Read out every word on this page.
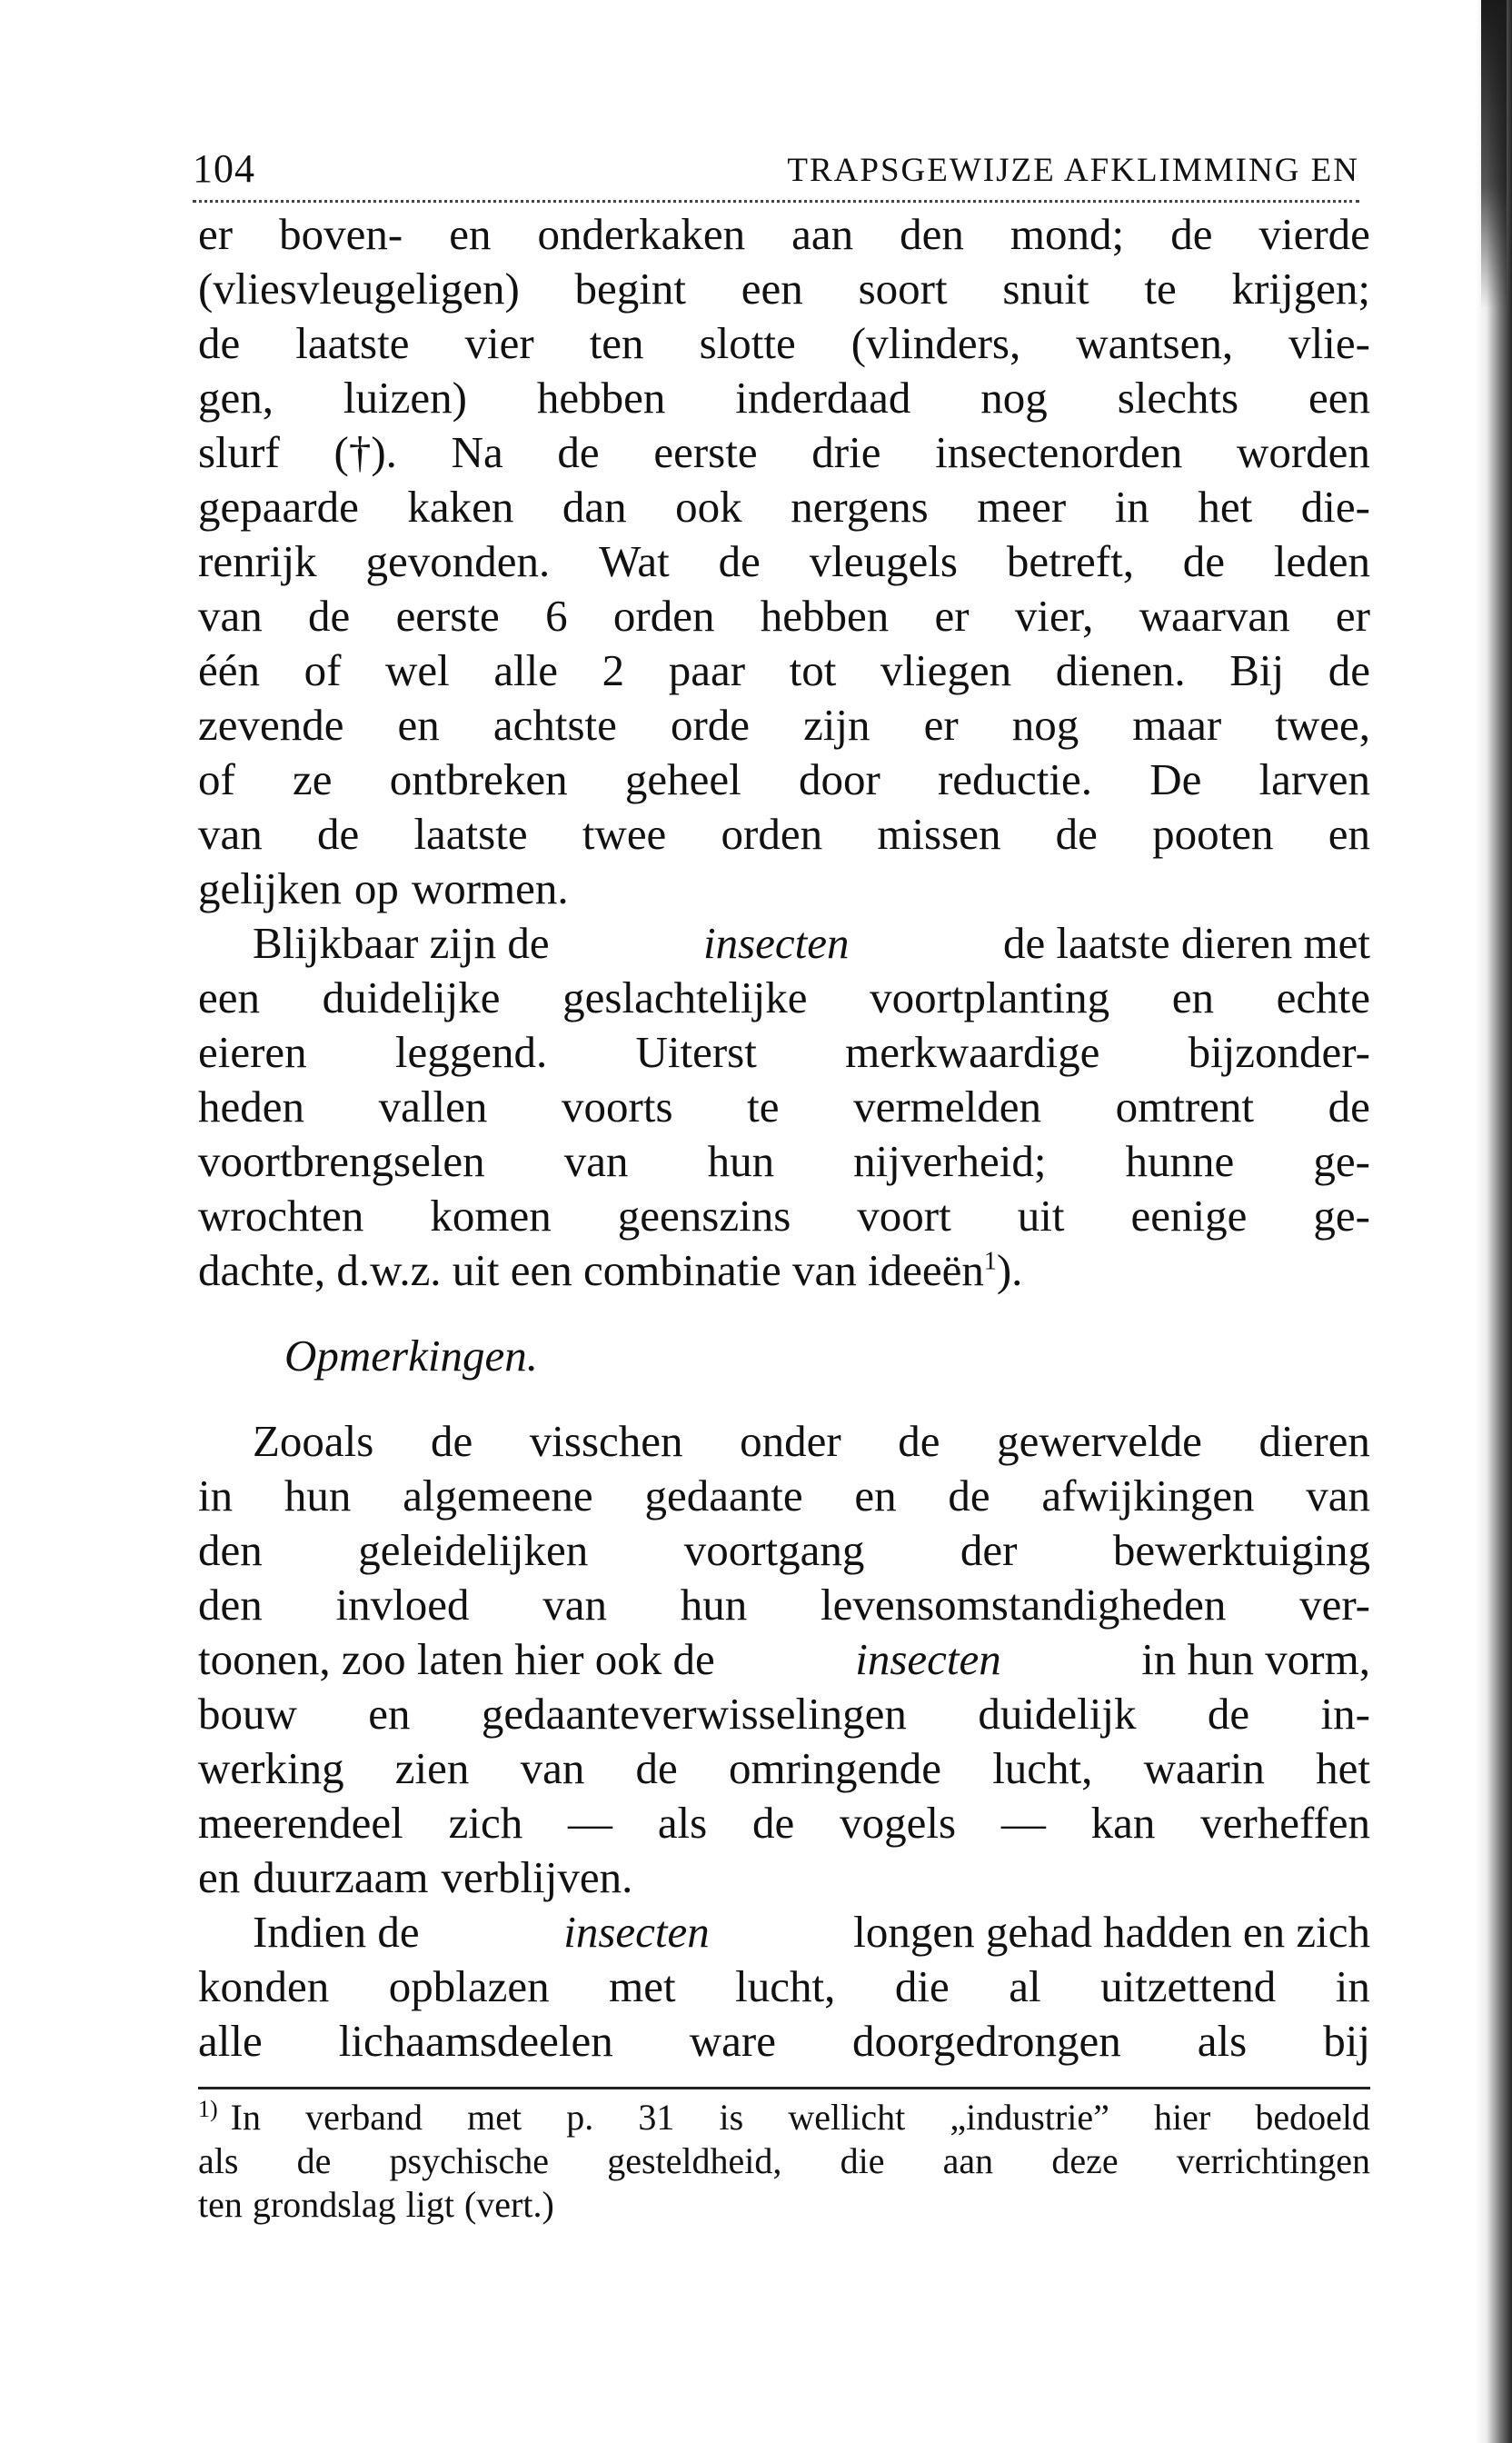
104	TRAPSGEWIJZE AFKLIMMING EN
er boven- en onderkaken aan den mond; de vierde
(vliesvleugeligen) begint een soort snuit te krijgen;
de laatste vier ten slotte (vlinders, wantsen, vlie-
gen, luizen) hebben inderdaad nog slechts een
slurf (†). Na de eerste drie insectenorden worden
gepaarde kaken dan ook nergens meer in het die-
renrijk gevonden. Wat de vleugels betreft, de leden
van de eerste 6 orden hebben er vier, waarvan er
één of wel alle 2 paar tot vliegen dienen. Bij de
zevende en achtste orde zijn er nog maar twee,
of ze ontbreken geheel door reductie. De larven
van de laatste twee orden missen de pooten en
gelijken op wormen.
Blijkbaar zijn de	insecten	de laatste dieren met
een duidelijke geslachtelijke voortplanting en echte
eieren leggend. Uiterst merkwaardige bijzonder-
heden vallen voorts te vermelden omtrent de
voortbrengselen van hun nijverheid; hunne ge-
wrochten komen geenszins voort uit eenige ge-
dachte, d.w.z. uit een combinatie van ideeën$^1$).
Opmerkingen.
Zooals de visschen onder de gewervelde dieren
in hun algemeene gedaante en de afwijkingen van
den geleidelijken voortgang der bewerktuiging
den invloed van hun levensomstandigheden ver-
toonen, zoo laten hier ook de	insecten	in hun vorm,
bouw en gedaanteverwisselingen duidelijk de in-
werking zien van de omringende lucht, waarin het
meerendeel zich — als de vogels — kan verheffen
en duurzaam verblijven.
Indien de	insecten	longen gehad hadden en zich
konden opblazen met lucht, die al uitzettend in
alle lichaamsdeelen ware doorgedrongen als bij
$^{1)}$ In verband met p. 31 is wellicht „industrie” hier bedoeld
als de psychische gesteldheid, die aan deze verrichtingen
ten grondslag ligt (vert.)
